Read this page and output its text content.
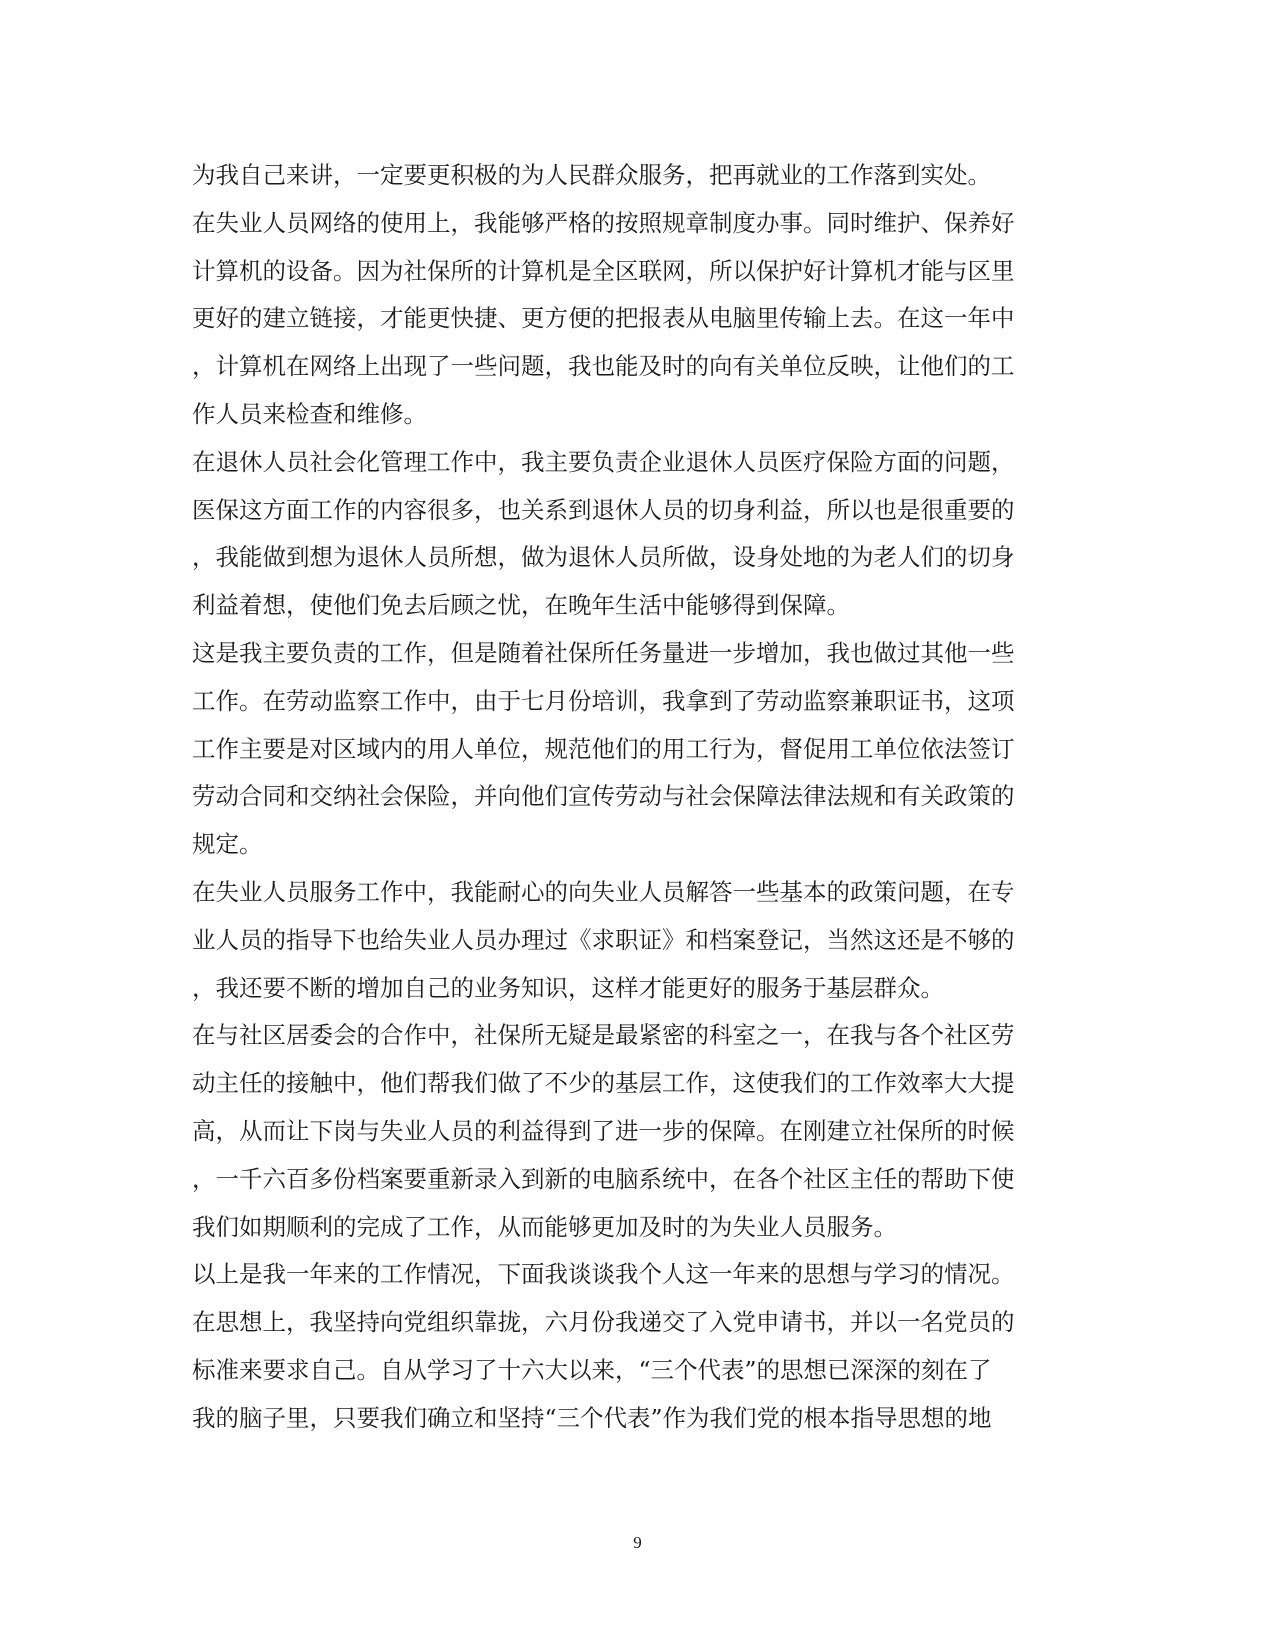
为我自己来讲，一定要更积极的为人民群众服务，把再就业的工作落到实处。
在失业人员网络的使用上，我能够严格的按照规章制度办事。同时维护、保养好
计算机的设备。因为社保所的计算机是全区联网，所以保护好计算机才能与区里
更好的建立链接，才能更快捷、更方便的把报表从电脑里传输上去。在这一年中
，计算机在网络上出现了一些问题，我也能及时的向有关单位反映，让他们的工
作人员来检查和维修。
在退休人员社会化管理工作中，我主要负责企业退休人员医疗保险方面的问题，
医保这方面工作的内容很多，也关系到退休人员的切身利益，所以也是很重要的
，我能做到想为退休人员所想，做为退休人员所做，设身处地的为老人们的切身
利益着想，使他们免去后顾之忧，在晚年生活中能够得到保障。
这是我主要负责的工作，但是随着社保所任务量进一步增加，我也做过其他一些
工作。在劳动监察工作中，由于七月份培训，我拿到了劳动监察兼职证书，这项
工作主要是对区域内的用人单位，规范他们的用工行为，督促用工单位依法签订
劳动合同和交纳社会保险，并向他们宣传劳动与社会保障法律法规和有关政策的
规定。
在失业人员服务工作中，我能耐心的向失业人员解答一些基本的政策问题，在专
业人员的指导下也给失业人员办理过《求职证》和档案登记，当然这还是不够的
，我还要不断的增加自己的业务知识，这样才能更好的服务于基层群众。
在与社区居委会的合作中，社保所无疑是最紧密的科室之一，在我与各个社区劳
动主任的接触中，他们帮我们做了不少的基层工作，这使我们的工作效率大大提
高，从而让下岗与失业人员的利益得到了进一步的保障。在刚建立社保所的时候
，一千六百多份档案要重新录入到新的电脑系统中，在各个社区主任的帮助下使
我们如期顺利的完成了工作，从而能够更加及时的为失业人员服务。
以上是我一年来的工作情况，下面我谈谈我个人这一年来的思想与学习的情况。
在思想上，我坚持向党组织靠拢，六月份我递交了入党申请书，并以一名党员的
标准来要求自己。自从学习了十六大以来，“三个代表”的思想已深深的刻在了
我的脑子里，只要我们确立和坚持“三个代表”作为我们党的根本指导思想的地
9
